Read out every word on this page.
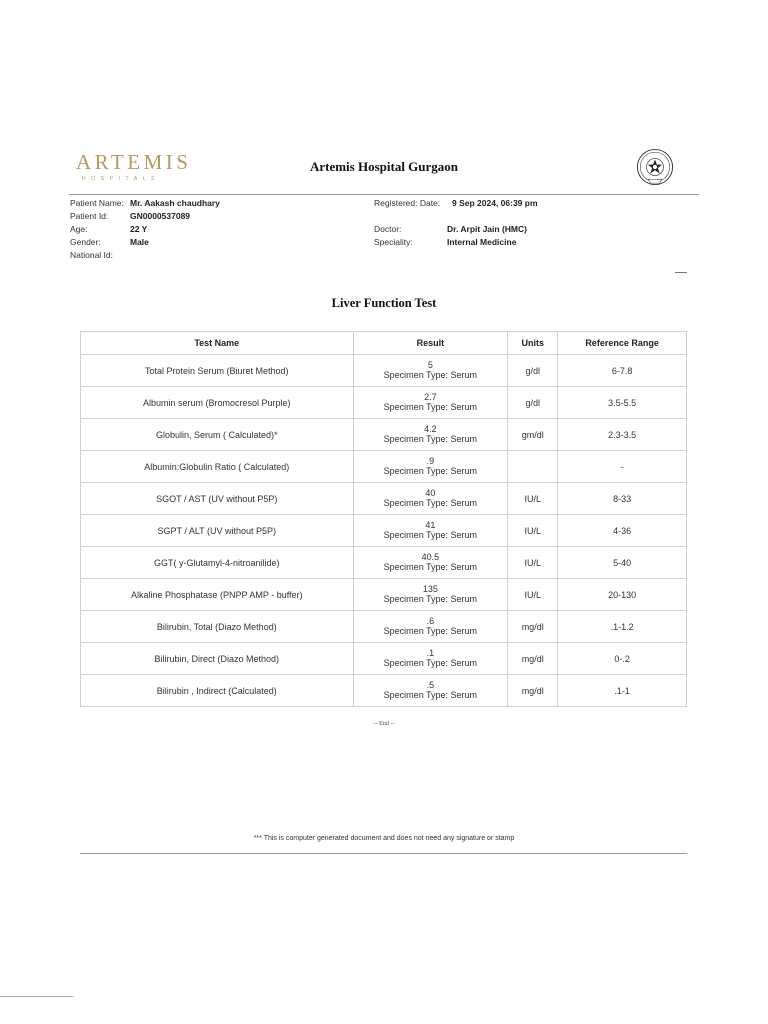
ARTEMIS
HOSPITALS
Artemis Hospital Gurgaon
Patient Name: Mr. Aakash chaudhary
Patient Id:	GN0000537089
Age:	22 Y
Gender:	Male
National Id:
Registered: Date: 9 Sep 2024, 06:39 pm
Doctor:	Dr. Arpit Jain (HMC)
Speciality:	Internal Medicine
Liver Function Test
Test Name	Result	Units	Reference Range
Total Protein Serum (Biuret Method)	5
Specimen Type: Serum	g/dl	6-7.8
Albumin serum (Bromocresol Purple)	2.7
Specimen Type: Serum	g/dl	3.5-5.5
Globulin, Serum ( Calculated)*	4.2
Specimen Type: Serum	gm/dl	2.3-3.5
Albumin:Globulin Ratio ( Calculated)	.9
Specimen Type: Serum		-
SGOT / AST (UV without P5P)	40
Specimen Type: Serum	IU/L	8-33
SGPT / ALT (UV without P5P)	41
Specimen Type: Serum	IU/L	4-36
GGT( y-Glutamyl-4-nitroanilide)	40.5
Specimen Type: Serum	IU/L	5-40
Alkaline Phosphatase (PNPP AMP - buffer)	135
Specimen Type: Serum	IU/L	20-130
Bilirubin, Total (Diazo Method)	.6
Specimen Type: Serum	mg/dl	.1-1.2
Bilirubin, Direct (Diazo Method)	.1
Specimen Type: Serum	mg/dl	0-.2
Bilirubin , Indirect (Calculated)	.5
Specimen Type: Serum	mg/dl	.1-1
-- End --
*** This is computer generated document and does not need any signature or stamp
